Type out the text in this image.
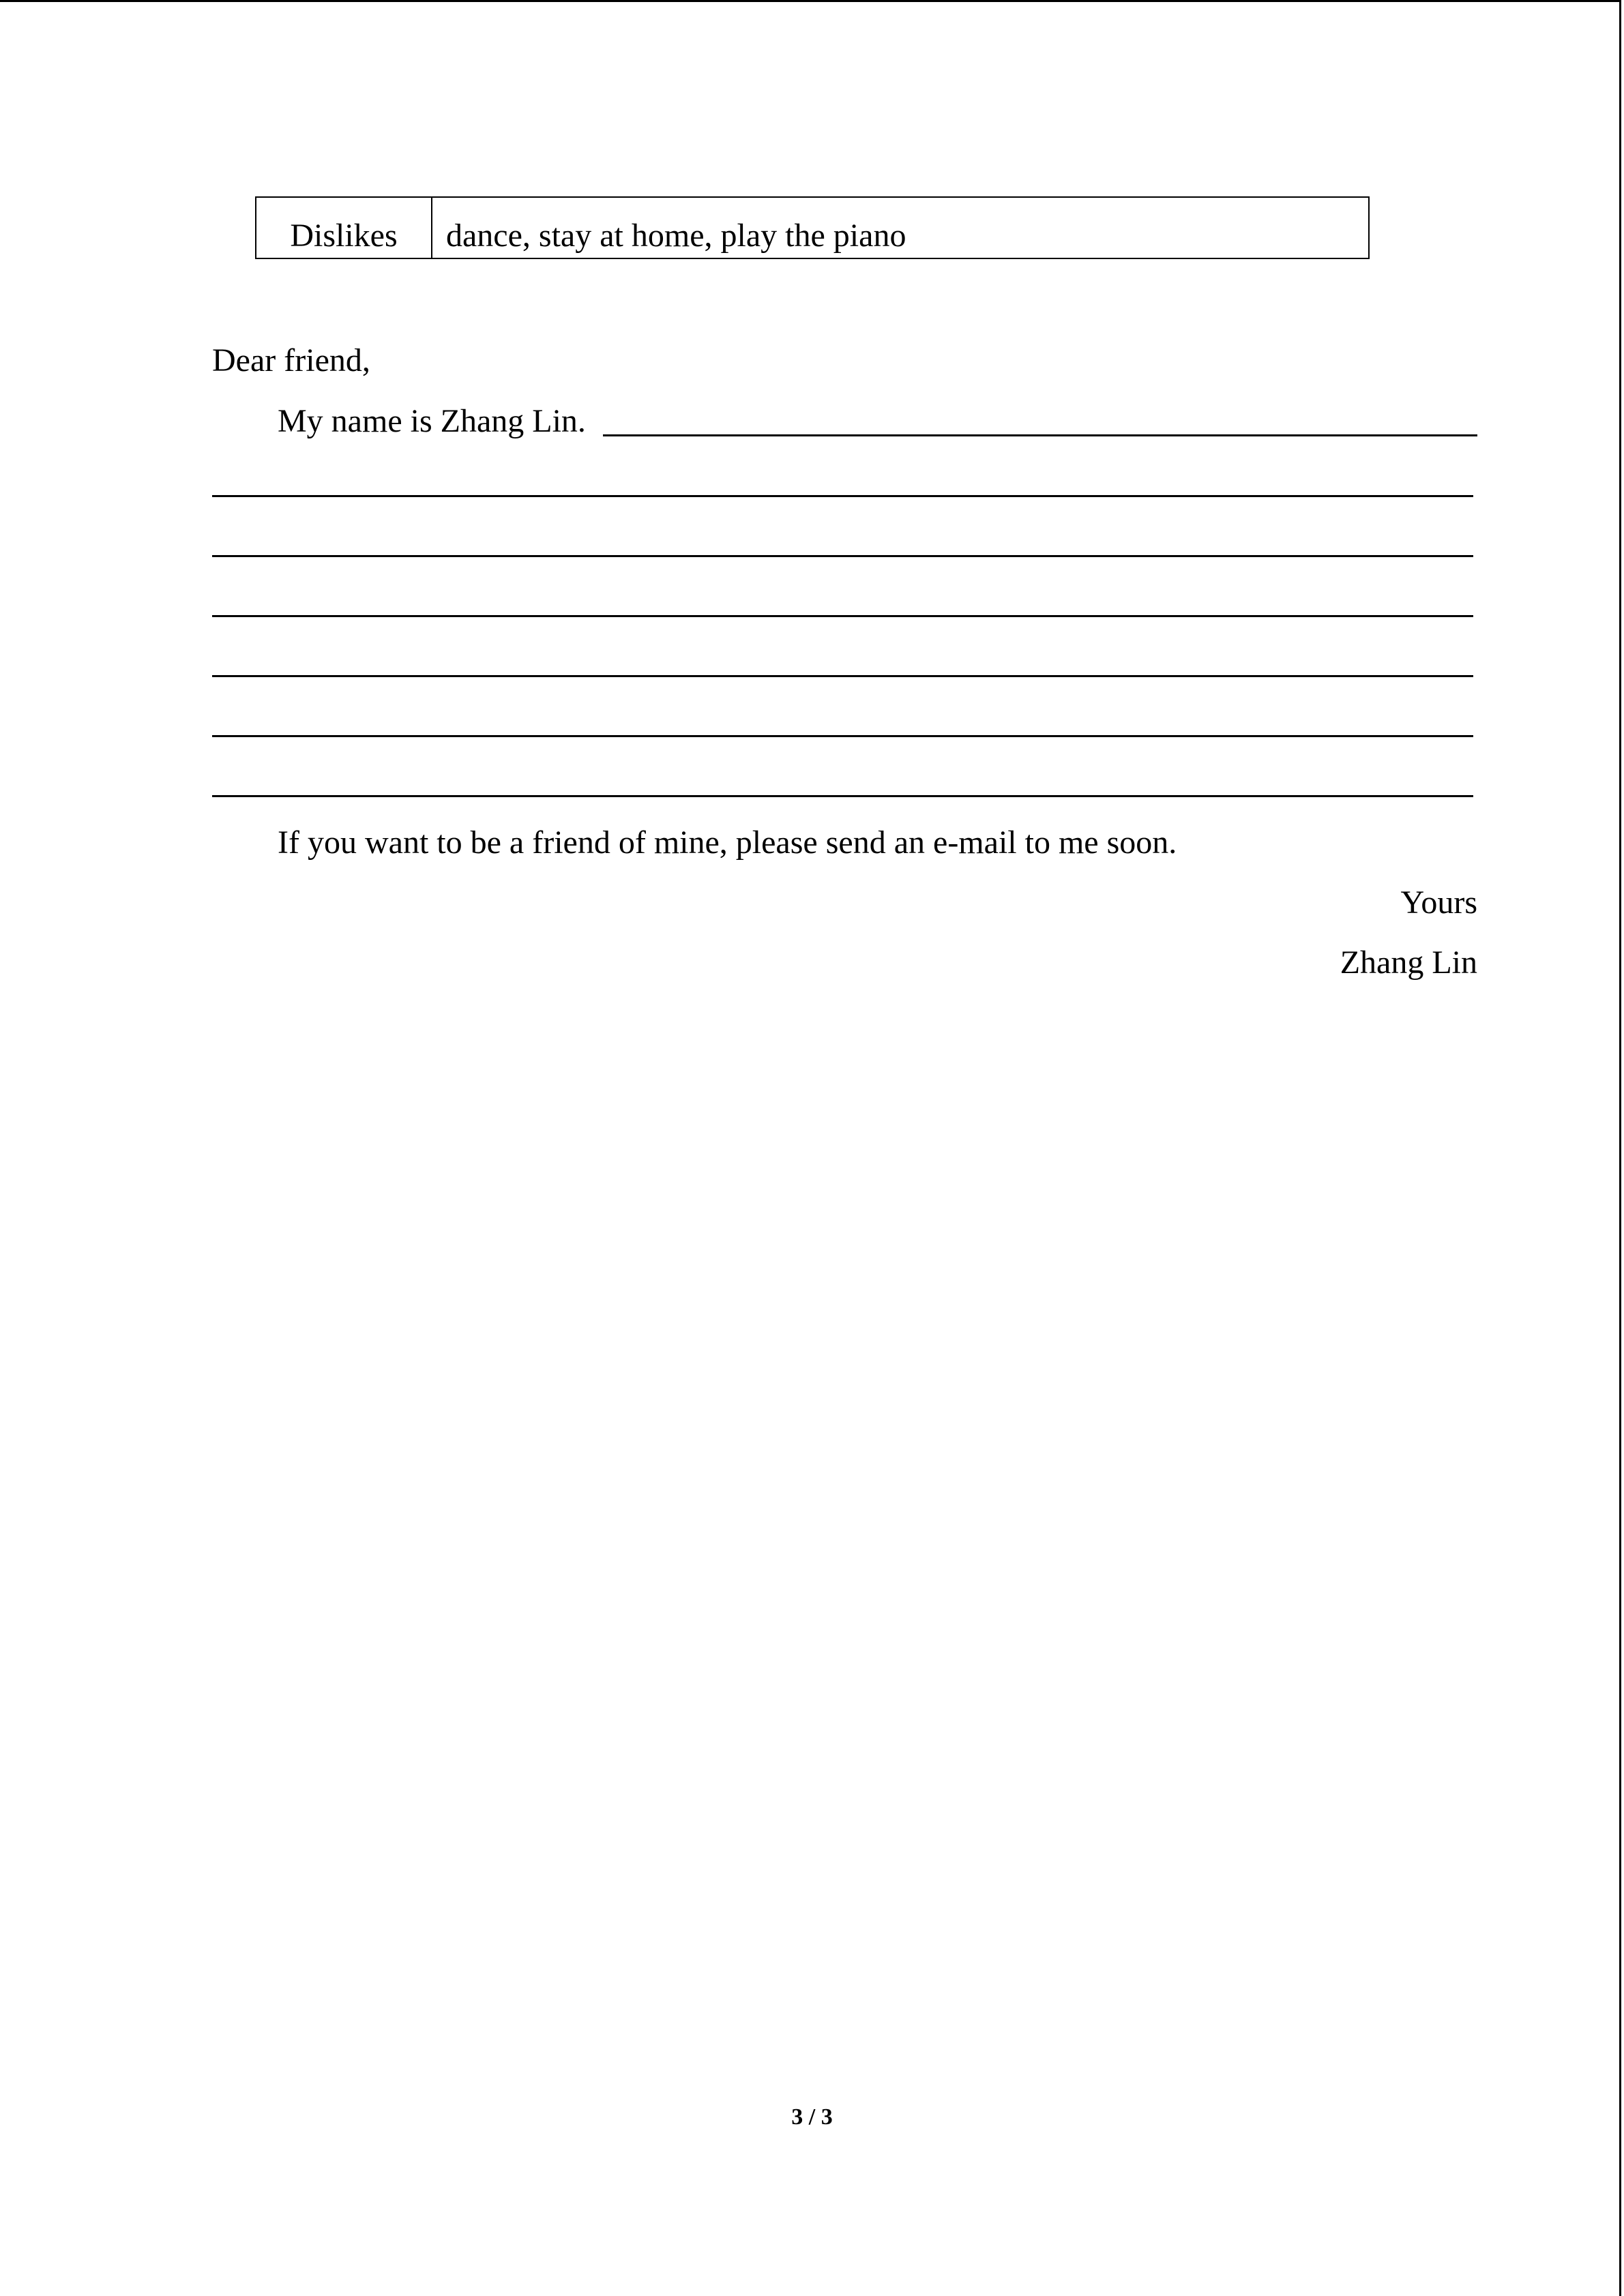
Dislikes	dance, stay at home, play the piano
Dear friend,
My name is Zhang Lin.
If you want to be a friend of mine, please send an e-mail to me soon.
Yours
Zhang Lin
3 / 3
